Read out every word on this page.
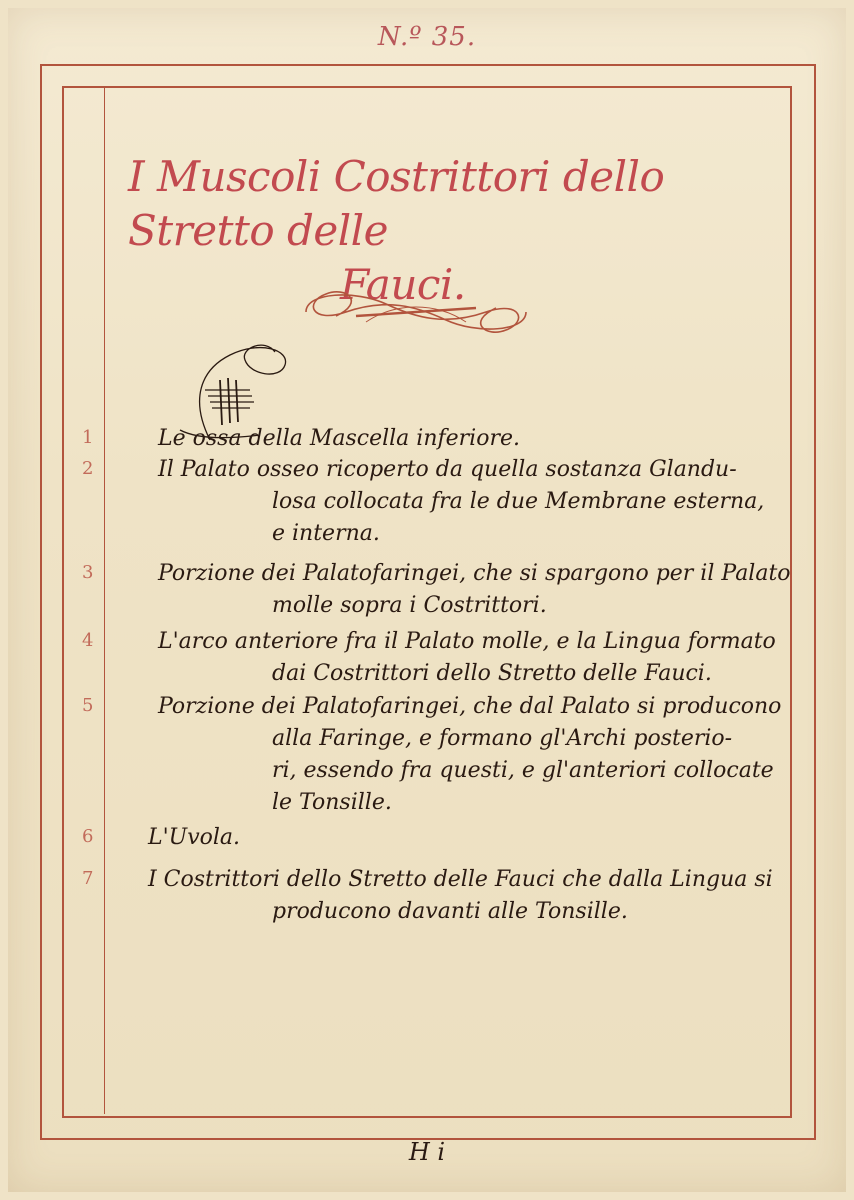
N.º 35.
I Muscoli Costrittori dello Stretto delle
Fauci.
1	Le ossa della Mascella inferiore.
2	Il Palato osseo ricoperto da quella sostanza Glandu-
losa collocata fra le due Membrane esterna,
e interna.
3	Porzione dei Palatofaringei, che si spargono per il Palato
molle sopra i Costrittori.
4	L'arco anteriore fra il Palato molle, e la Lingua formato
dai Costrittori dello Stretto delle Fauci.
5	Porzione dei Palatofaringei, che dal Palato si producono
alla Faringe, e formano gl'Archi posterio-
ri, essendo fra questi, e gl'anteriori collocate
le Tonsille.
6 L'Uvola.
7 I Costrittori dello Stretto delle Fauci che dalla Lingua si
producono davanti alle Tonsille.
H i
